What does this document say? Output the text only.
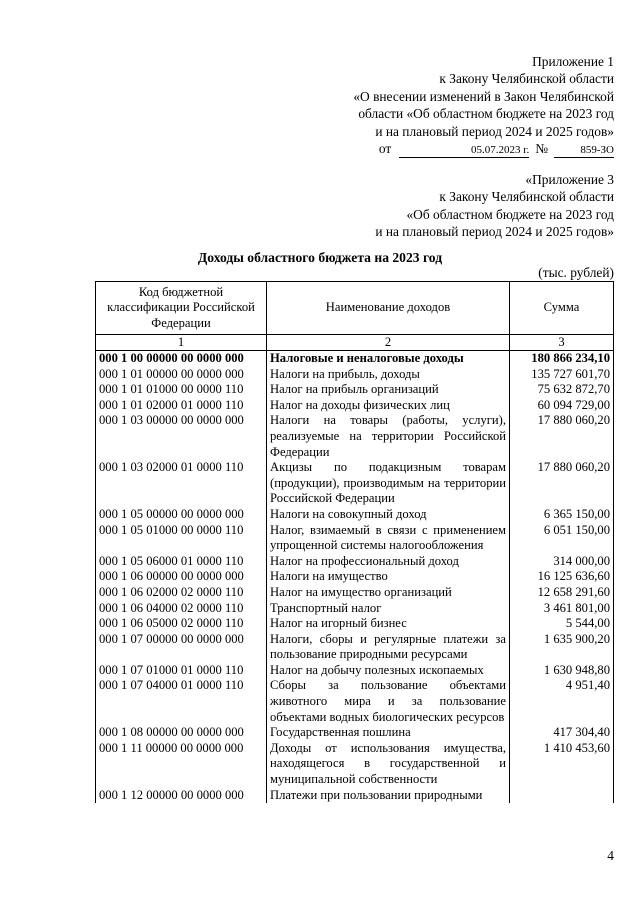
Приложение 1
к Закону Челябинской области
«О внесении изменений в Закон Челябинской
области «Об областном бюджете на 2023 год
и на плановый период 2024 и 2025 годов»
от	05.07.2023 г. №	859-ЗО
«Приложение 3
к Закону Челябинской области
«Об областном бюджете на 2023 год
и на плановый период 2024 и 2025 годов»
Доходы областного бюджета на 2023 год
(тыс. рублей)
Код бюджетной классификации Российской Федерации	Наименование доходов	Сумма
1	2	3
000 1 00 00000 00 0000 000	Налоговые и неналоговые доходы	180 866 234,10
000 1 01 00000 00 0000 000	Налоги на прибыль, доходы	135 727 601,70
000 1 01 01000 00 0000 110	Налог на прибыль организаций	75 632 872,70
000 1 01 02000 01 0000 110	Налог на доходы физических лиц	60 094 729,00
000 1 03 00000 00 0000 000	Налоги на товары (работы, услуги), реализуемые на территории Российской Федерации	17 880 060,20
000 1 03 02000 01 0000 110	Акцизы по подакцизным товарам (продукции), производимым на территории Российской Федерации	17 880 060,20
000 1 05 00000 00 0000 000	Налоги на совокупный доход	6 365 150,00
000 1 05 01000 00 0000 110	Налог, взимаемый в связи с применением упрощенной системы налогообложения	6 051 150,00
000 1 05 06000 01 0000 110	Налог на профессиональный доход	314 000,00
000 1 06 00000 00 0000 000	Налоги на имущество	16 125 636,60
000 1 06 02000 02 0000 110	Налог на имущество организаций	12 658 291,60
000 1 06 04000 02 0000 110	Транспортный налог	3 461 801,00
000 1 06 05000 02 0000 110	Налог на игорный бизнес	5 544,00
000 1 07 00000 00 0000 000	Налоги, сборы и регулярные платежи за пользование природными ресурсами	1 635 900,20
000 1 07 01000 01 0000 110	Налог на добычу полезных ископаемых	1 630 948,80
000 1 07 04000 01 0000 110	Сборы за пользование объектами животного мира и за пользование объектами водных биологических ресурсов	4 951,40
000 1 08 00000 00 0000 000	Государственная пошлина	417 304,40
000 1 11 00000 00 0000 000	Доходы от использования имущества, находящегося в государственной и муниципальной собственности	1 410 453,60
000 1 12 00000 00 0000 000	Платежи при пользовании природными	
4
